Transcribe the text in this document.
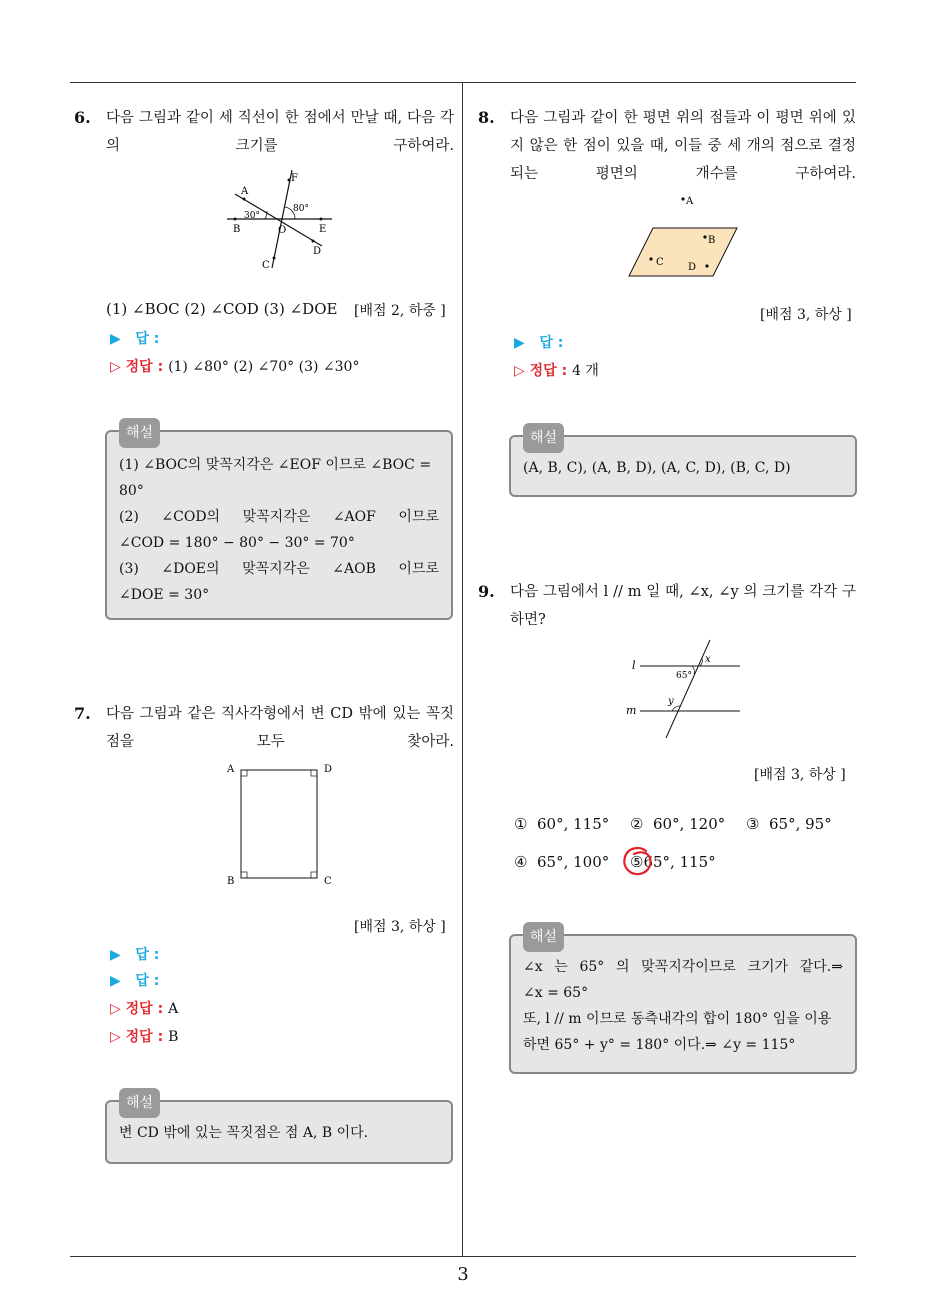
6. 다음 그림과 같이 세 직선이 한 점에서 만날 때, 다음 각의 크기를 구하여라.
F
A
80°
30°
B	O	E
D
C
(1) ∠BOC (2) ∠COD (3) ∠DOE [배점 2, 하중 ]
▶ 답 :
▷ 정답 : (1) ∠80° (2) ∠70° (3) ∠30°
해설

(1) ∠BOC의 맞꼭지각은 ∠EOF 이므로 ∠BOC =

80°

(2) ∠COD의 맞꼭지각은 ∠AOF 이므로

∠COD = 180° − 80° − 30° = 70°

(3) ∠DOE의 맞꼭지각은 ∠AOB 이므로

∠DOE = 30°

7. 다음 그림과 같은 직사각형에서 변 CD 밖에 있는 꼭짓점을 모두 찾아라.
A	D
B	C
[배점 3, 하상 ]
▶ 답 :
▶ 답 :
▷ 정답 : A
▷ 정답 : B
해설

변 CD 밖에 있는 꼭짓점은 점 A, B 이다.

8. 다음 그림과 같이 한 평면 위의 점들과 이 평면 위에 있지 않은 한 점이 있을 때, 이들 중 세 개의 점으로 결정되는 평면의 개수를 구하여라.
A
B
C D
[배점 3, 하상 ]
▶ 답 :
▷ 정답 : 4 개
해설

(A, B, C), (A, B, D), (A, C, D), (B, C, D)

9. 다음 그림에서 l // m 일 때, ∠x, ∠y 의 크기를 각각 구하면?
l
m
x
65°
y
[배점 3, 하상 ]
① 60°, 115° ② 60°, 120° ③ 65°, 95°
④ 65°, 100° ⑤65°, 115°
해설

∠x 는 65° 의 맞꼭지각이므로 크기가 같다.⇒

∠x = 65°

또, l // m 이므로 동측내각의 합이 180° 임을 이용

하면 65° + y° = 180° 이다.⇒ ∠y = 115°

3
